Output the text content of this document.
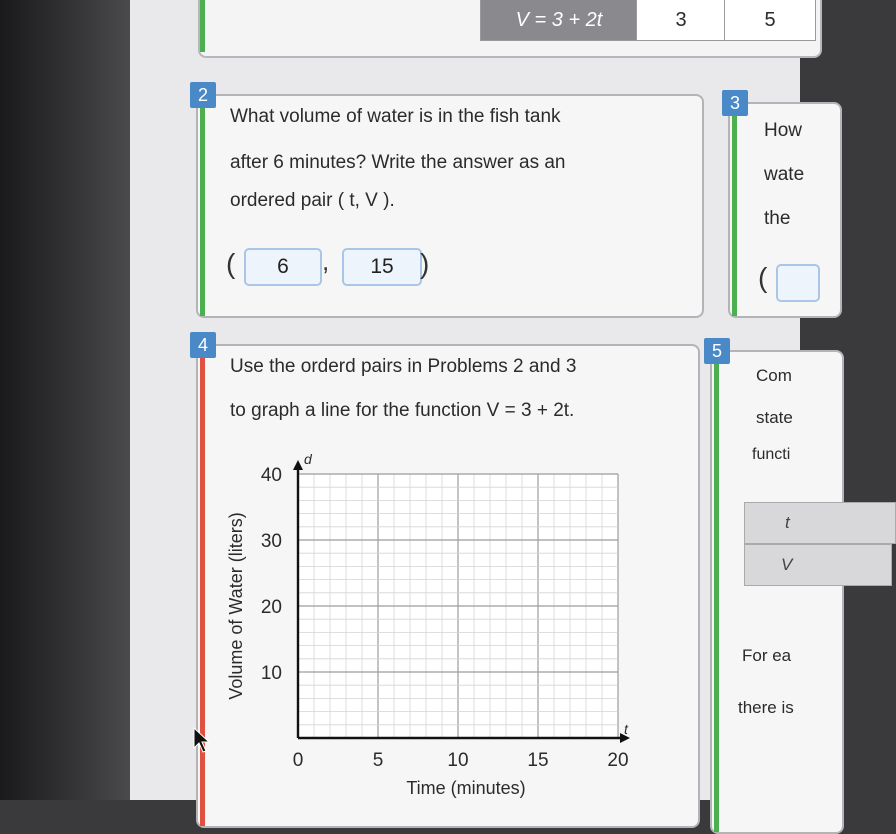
V = 3 + 2t	3	5
2
What volume of water is in the fish tank
after 6 minutes? Write the answer as an
ordered pair ( t, V ).
(	6	,	15 )
3
How
wate
the
(
4
Use the orderd pairs in Problems 2 and 3
to graph a line for the function V = 3 + 2t.
0	5	10	15	20
10
20
30
40
Volume of Water (liters)
Time (minutes)
t
d
5
Com
state
functi
t
V
For ea
there is
